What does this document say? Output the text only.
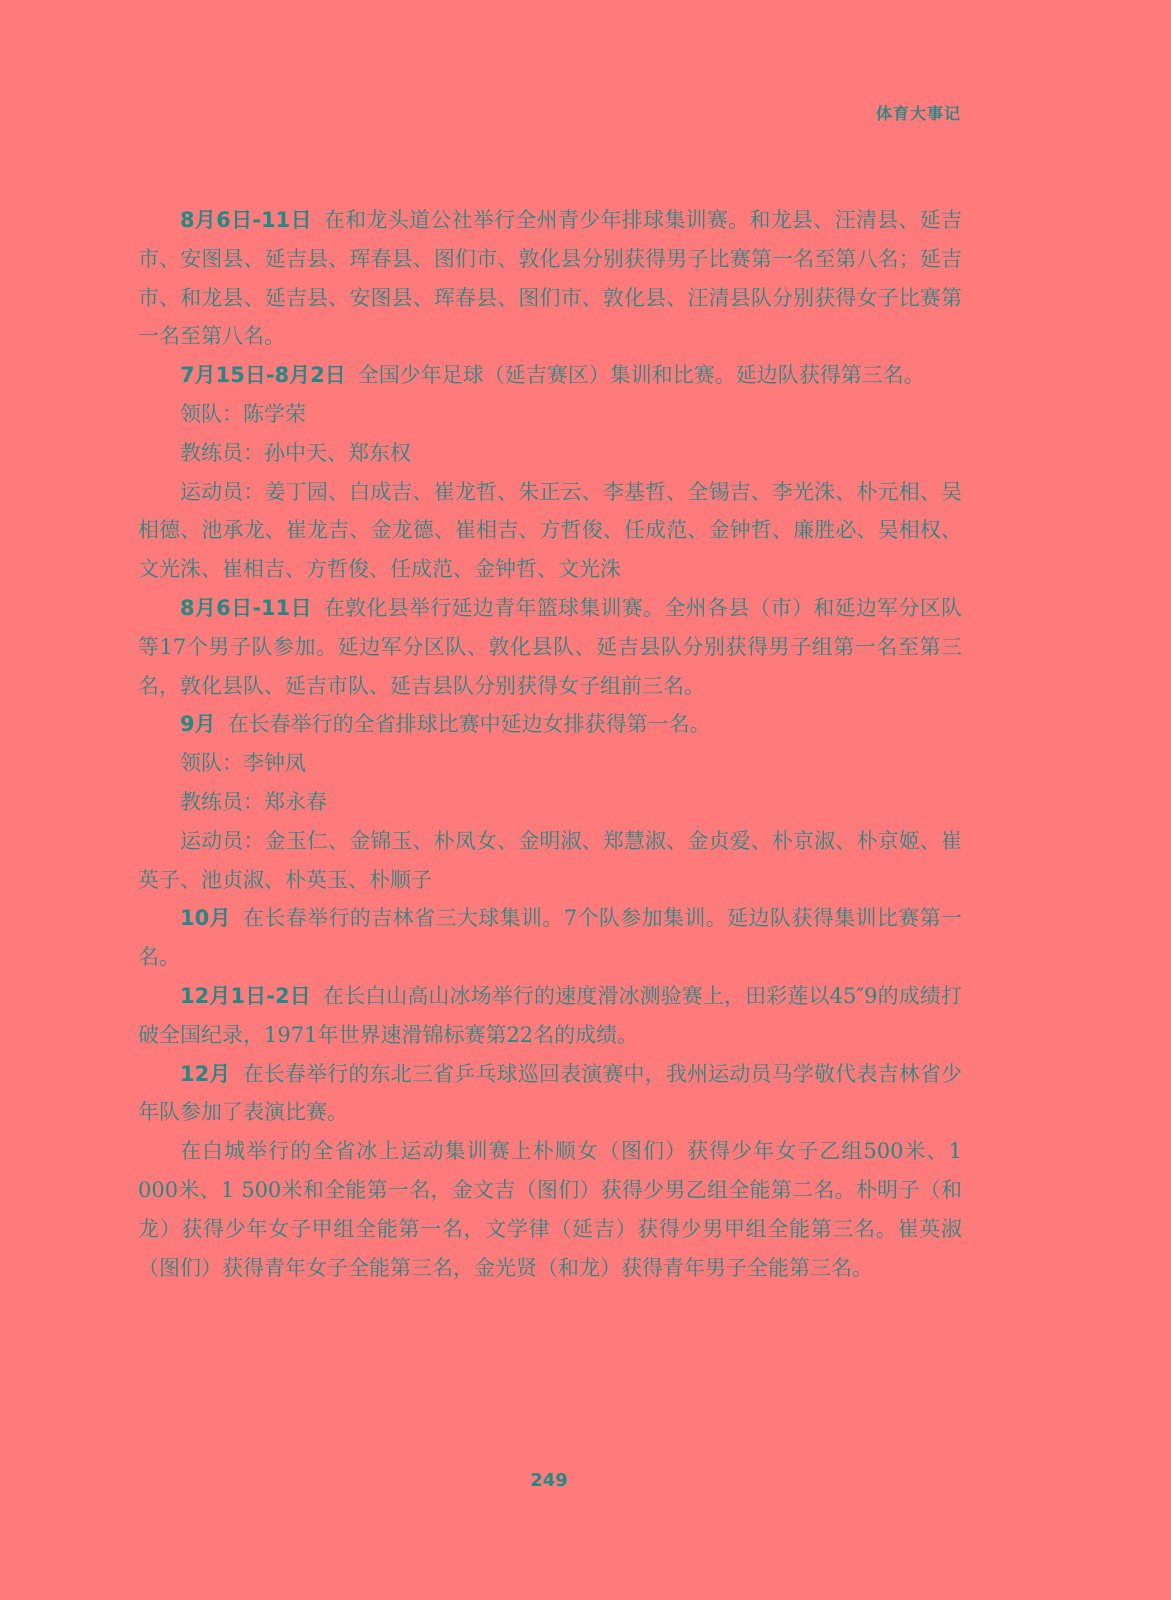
体育大事记

8月6日-11日 在和龙头道公社举行全州青少年排球集训赛。和龙县、汪清县、延吉市、安图县、延吉县、珲春县、图们市、敦化县分别获得男子比赛第一名至第八名；延吉市、和龙县、延吉县、安图县、珲春县、图们市、敦化县、汪清县队分别获得女子比赛第一名至第八名。

7月15日-8月2日 全国少年足球（延吉赛区）集训和比赛。延边队获得第三名。

领队：陈学荣

教练员：孙中天、郑东权

运动员：姜丁园、白成吉、崔龙哲、朱正云、李基哲、全锡吉、李光洙、朴元相、吴相德、池承龙、崔龙吉、金龙德、崔相吉、方哲俊、任成范、金钟哲、廉胜必、吴相权、文光洙、崔相吉、方哲俊、任成范、金钟哲、文光洙

8月6日-11日 在敦化县举行延边青年篮球集训赛。全州各县（市）和延边军分区队等17个男子队参加。延边军分区队、敦化县队、延吉县队分别获得男子组第一名至第三名，敦化县队、延吉市队、延吉县队分别获得女子组前三名。

9月 在长春举行的全省排球比赛中延边女排获得第一名。

领队：李钟凤

教练员：郑永春

运动员：金玉仁、金锦玉、朴凤女、金明淑、郑慧淑、金贞爱、朴京淑、朴京姬、崔英子、池贞淑、朴英玉、朴顺子

10月 在长春举行的吉林省三大球集训。7个队参加集训。延边队获得集训比赛第一名。

12月1日-2日 在长白山高山冰场举行的速度滑冰测验赛上，田彩莲以45″9的成绩打破全国纪录，1971年世界速滑锦标赛第22名的成绩。

12月 在长春举行的东北三省乒乓球巡回表演赛中，我州运动员马学敬代表吉林省少年队参加了表演比赛。

在白城举行的全省冰上运动集训赛上朴顺女（图们）获得少年女子乙组500米、1 000米、1 500米和全能第一名，金文吉（图们）获得少男乙组全能第二名。朴明子（和龙）获得少年女子甲组全能第一名，文学律（延吉）获得少男甲组全能第三名。崔英淑（图们）获得青年女子全能第三名，金光贤（和龙）获得青年男子全能第三名。

249
